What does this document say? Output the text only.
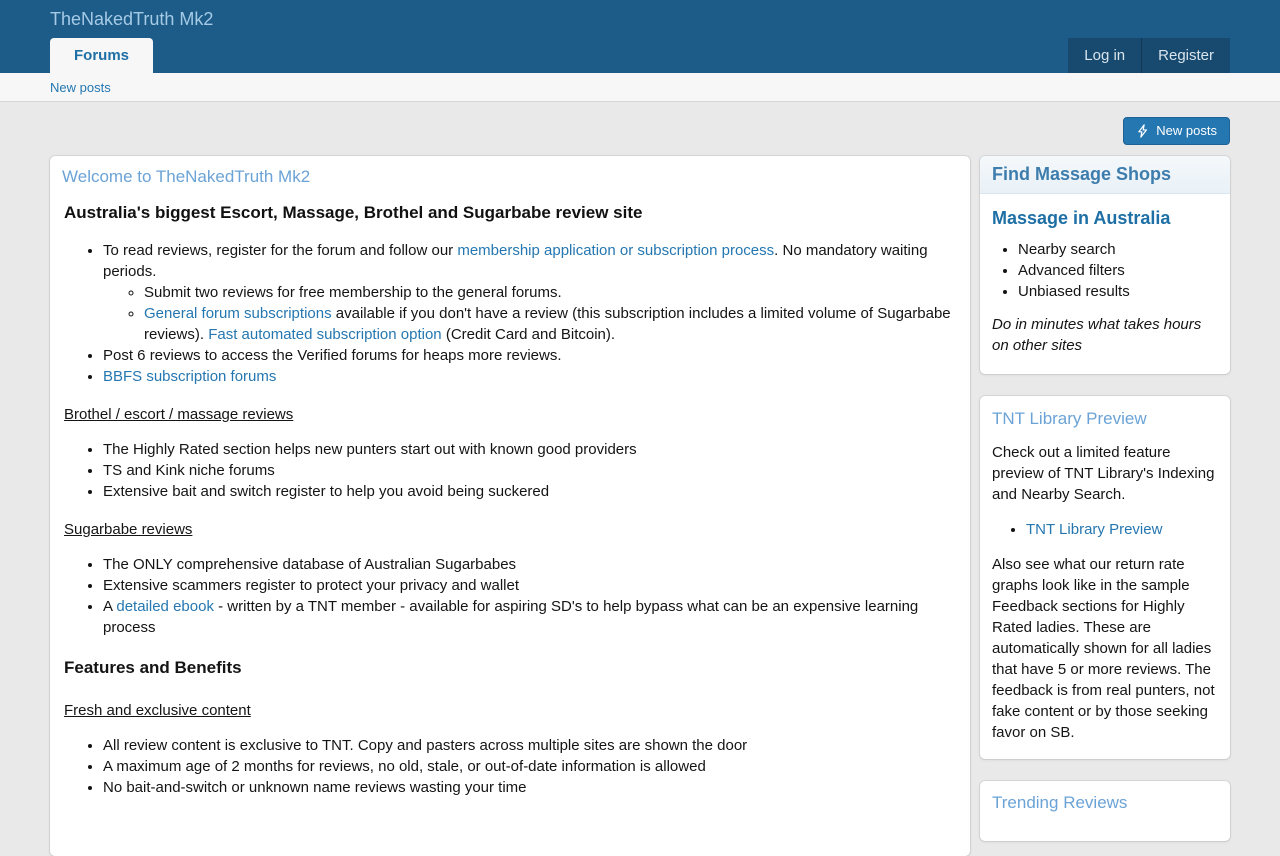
TheNakedTruth Mk2
Forums	Log in	Register
New posts
New posts
Welcome to TheNakedTruth Mk2
Australia's biggest Escort, Massage, Brothel and Sugarbabe review site
• To read reviews, register for the forum and follow our membership application or subscription process. No mandatory waiting periods.
◦ Submit two reviews for free membership to the general forums.
◦ General forum subscriptions available if you don't have a review (this subscription includes a limited volume of Sugarbabe reviews). Fast automated subscription option (Credit Card and Bitcoin).
• Post 6 reviews to access the Verified forums for heaps more reviews.
• BBFS subscription forums
Brothel / escort / massage reviews
• The Highly Rated section helps new punters start out with known good providers
• TS and Kink niche forums
• Extensive bait and switch register to help you avoid being suckered
Sugarbabe reviews
• The ONLY comprehensive database of Australian Sugarbabes
• Extensive scammers register to protect your privacy and wallet
• A detailed ebook - written by a TNT member - available for aspiring SD's to help bypass what can be an expensive learning process
Features and Benefits
Fresh and exclusive content
• All review content is exclusive to TNT. Copy and pasters across multiple sites are shown the door
• A maximum age of 2 months for reviews, no old, stale, or out-of-date information is allowed
• No bait-and-switch or unknown name reviews wasting your time
Find Massage Shops
Massage in Australia
• Nearby search
• Advanced filters
• Unbiased results

Do in minutes what takes hours on other sites

TNT Library Preview

Check out a limited feature preview of TNT Library's Indexing and Nearby Search.

• TNT Library Preview

Also see what our return rate graphs look like in the sample Feedback sections for Highly Rated ladies. These are automatically shown for all ladies that have 5 or more reviews. The feedback is from real punters, not fake content or by those seeking favor on SB.

Trending Reviews
